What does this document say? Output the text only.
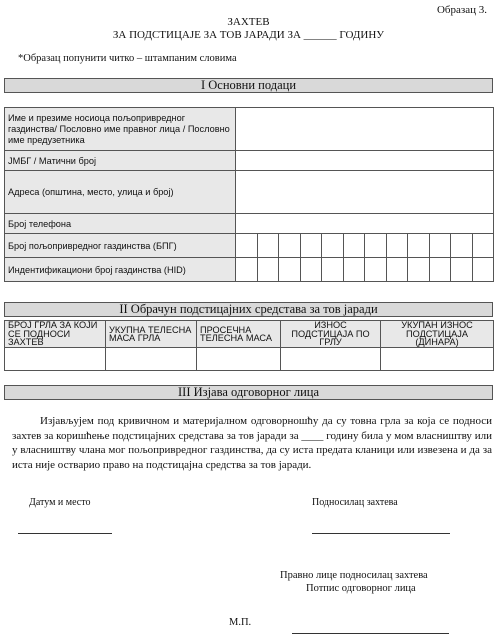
Образац 3.
ЗАХТЕВ
ЗА ПОДСТИЦАЈЕ ЗА ТОВ ЈАРАДИ ЗА ______ ГОДИНУ
*Образац попунити читко – штампаним словима
I Основни подаци
Име и презиме носиоца пољопривредног газдинства/ Пословно име правног лица / Пословно име предузетника	
ЈМБГ / Матични број	
Адреса (општина, место, улица и број)	
Број телефона	
Број пољопривредног газдинства (БПГ)												
Индентификациони број газдинства (HID)												
II Обрачун подстицајних средстава за тов јаради
БРОЈ ГРЛА ЗА КОЈИ СЕ ПОДНОСИ ЗАХТЕВ	УКУПНА ТЕЛЕСНА МАСА ГРЛА	ПРОСЕЧНА ТЕЛЕСНА МАСА	ИЗНОС ПОДСТИЦАЈА ПО ГРЛУ	УКУПАН ИЗНОС ПОДСТИЦАЈА (ДИНАРА)

III Изјава одговорног лица
Изјављујем под кривичном и материјалном одговорношћу да су товна грла за која се подноси захтев за коришћење подстицајних средстава за тов јаради за ____ годину била у мом власништву или у власништву члана мог пољопривредног газдинства, да су иста предата кланици или извезена и да за иста није остварио право на подстицајна средства за тов јаради.
Датум и место	Подносилац захтева
Правно лице подносилац захтева
Потпис одговорног лица
М.П.
